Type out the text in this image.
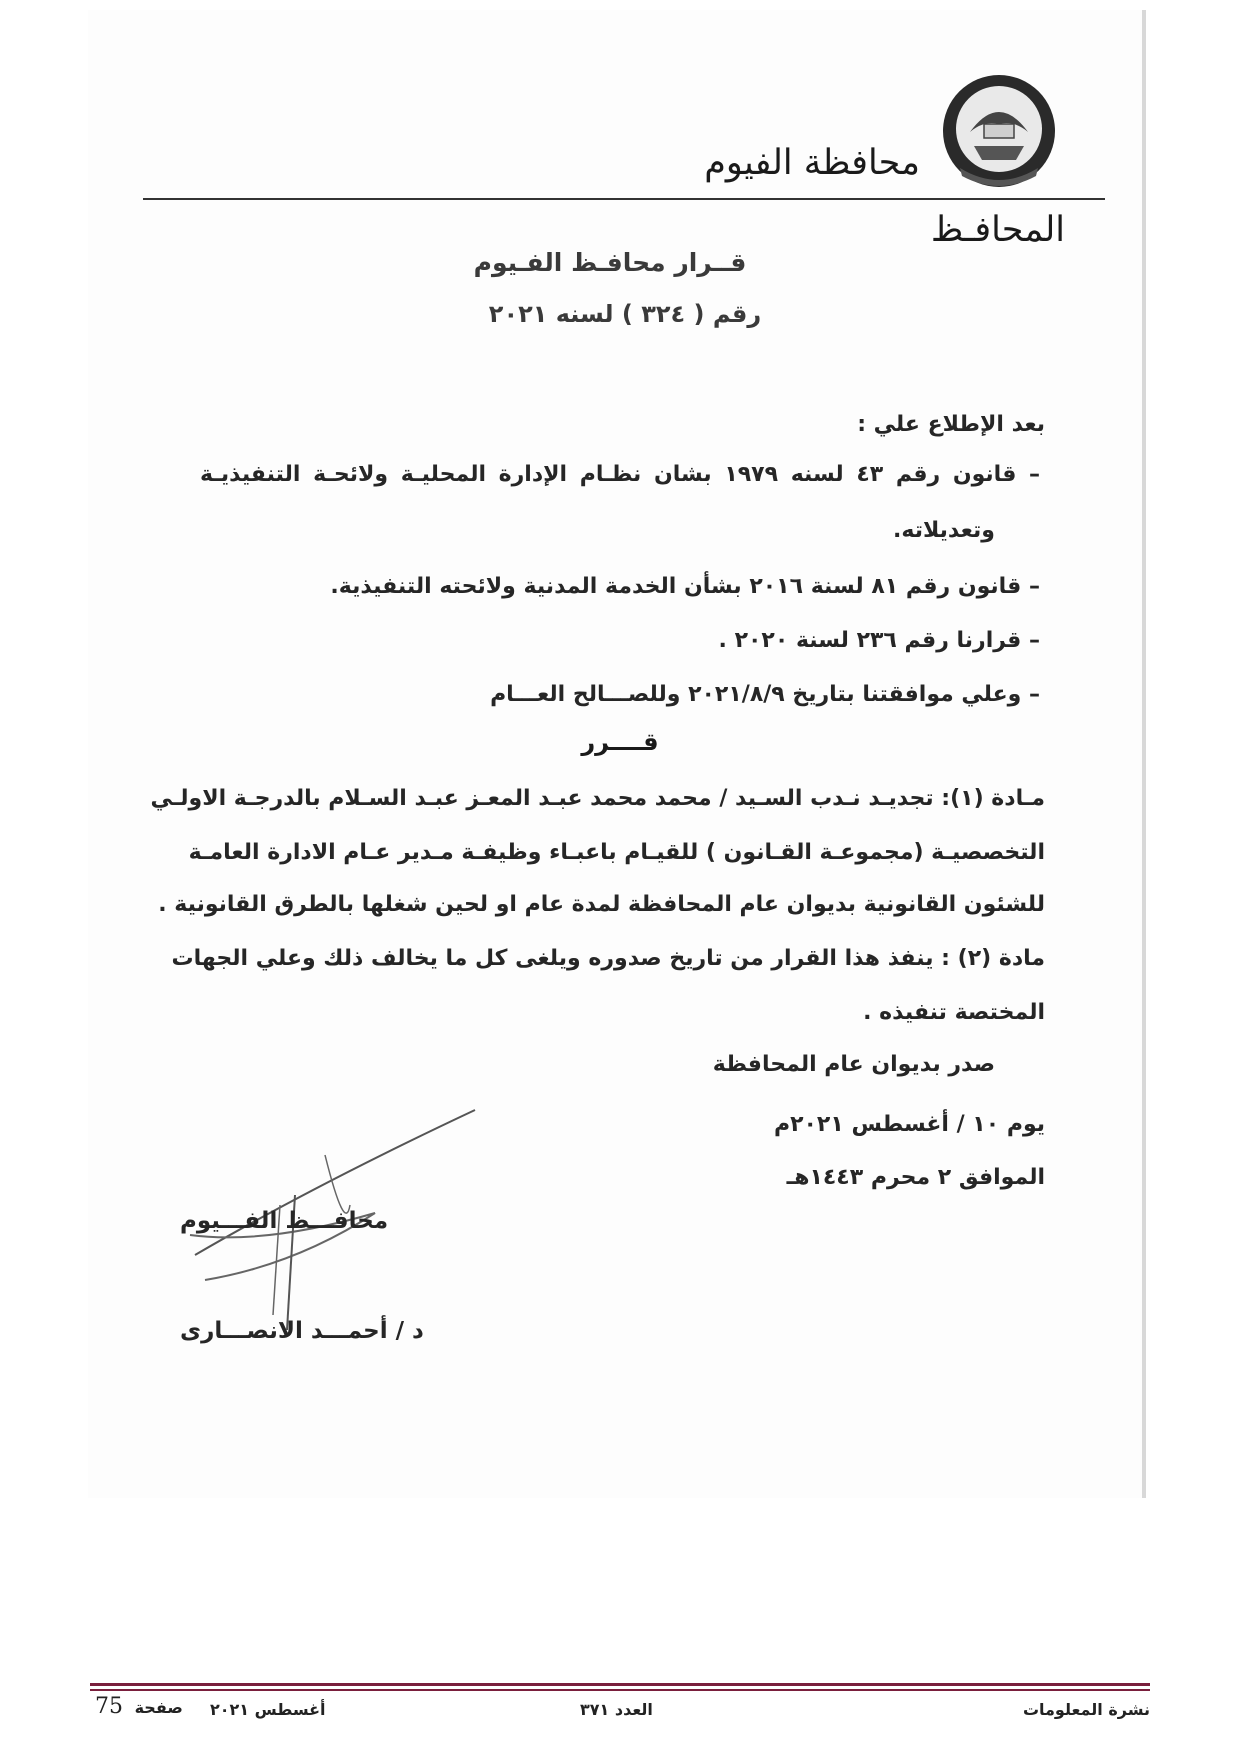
محافظة الفيوم
المحافـظ
قــرار محافـظ الفـيوم
رقم ( ٣٢٤ ) لسنه ٢٠٢١
بعد الإطلاع علي :
– قانون رقم ٤٣ لسنه ١٩٧٩ بشان نظـام الإدارة المحليـة ولائحـة التنفيذيـة
وتعديلاته.
– قانون رقم ٨١ لسنة ٢٠١٦ بشأن الخدمة المدنية ولائحته التنفيذية.
– قرارنا رقم ٢٣٦ لسنة ٢٠٢٠ .
– وعلي موافقتنا بتاريخ ٢٠٢١/٨/٩ وللصـــالح العـــام
قــــرر
مـادة (١): تجديـد نـدب السـيد / محمد محمد عبـد المعـز عبـد السـلام بالدرجـة الاولـي
التخصصيـة (مجموعـة القـانون ) للقيـام باعبـاء وظيفـة مـدير عـام الادارة العامـة
للشئون القانونية بديوان عام المحافظة لمدة عام او لحين شغلها بالطرق القانونية .
مادة (٢) : ينفذ هذا القرار من تاريخ صدوره ويلغى كل ما يخالف ذلك وعلي الجهات
المختصة تنفيذه .
صدر بديوان عام المحافظة
يوم ١٠ / أغسطس ٢٠٢١م
الموافق ٢ محرم ١٤٤٣هـ
محافـــظ الفـــيوم
د / أحمـــد الانصـــارى
نشرة المعلومات
العدد ٣٧١
أغسطس ٢٠٢١
75 صفحة
